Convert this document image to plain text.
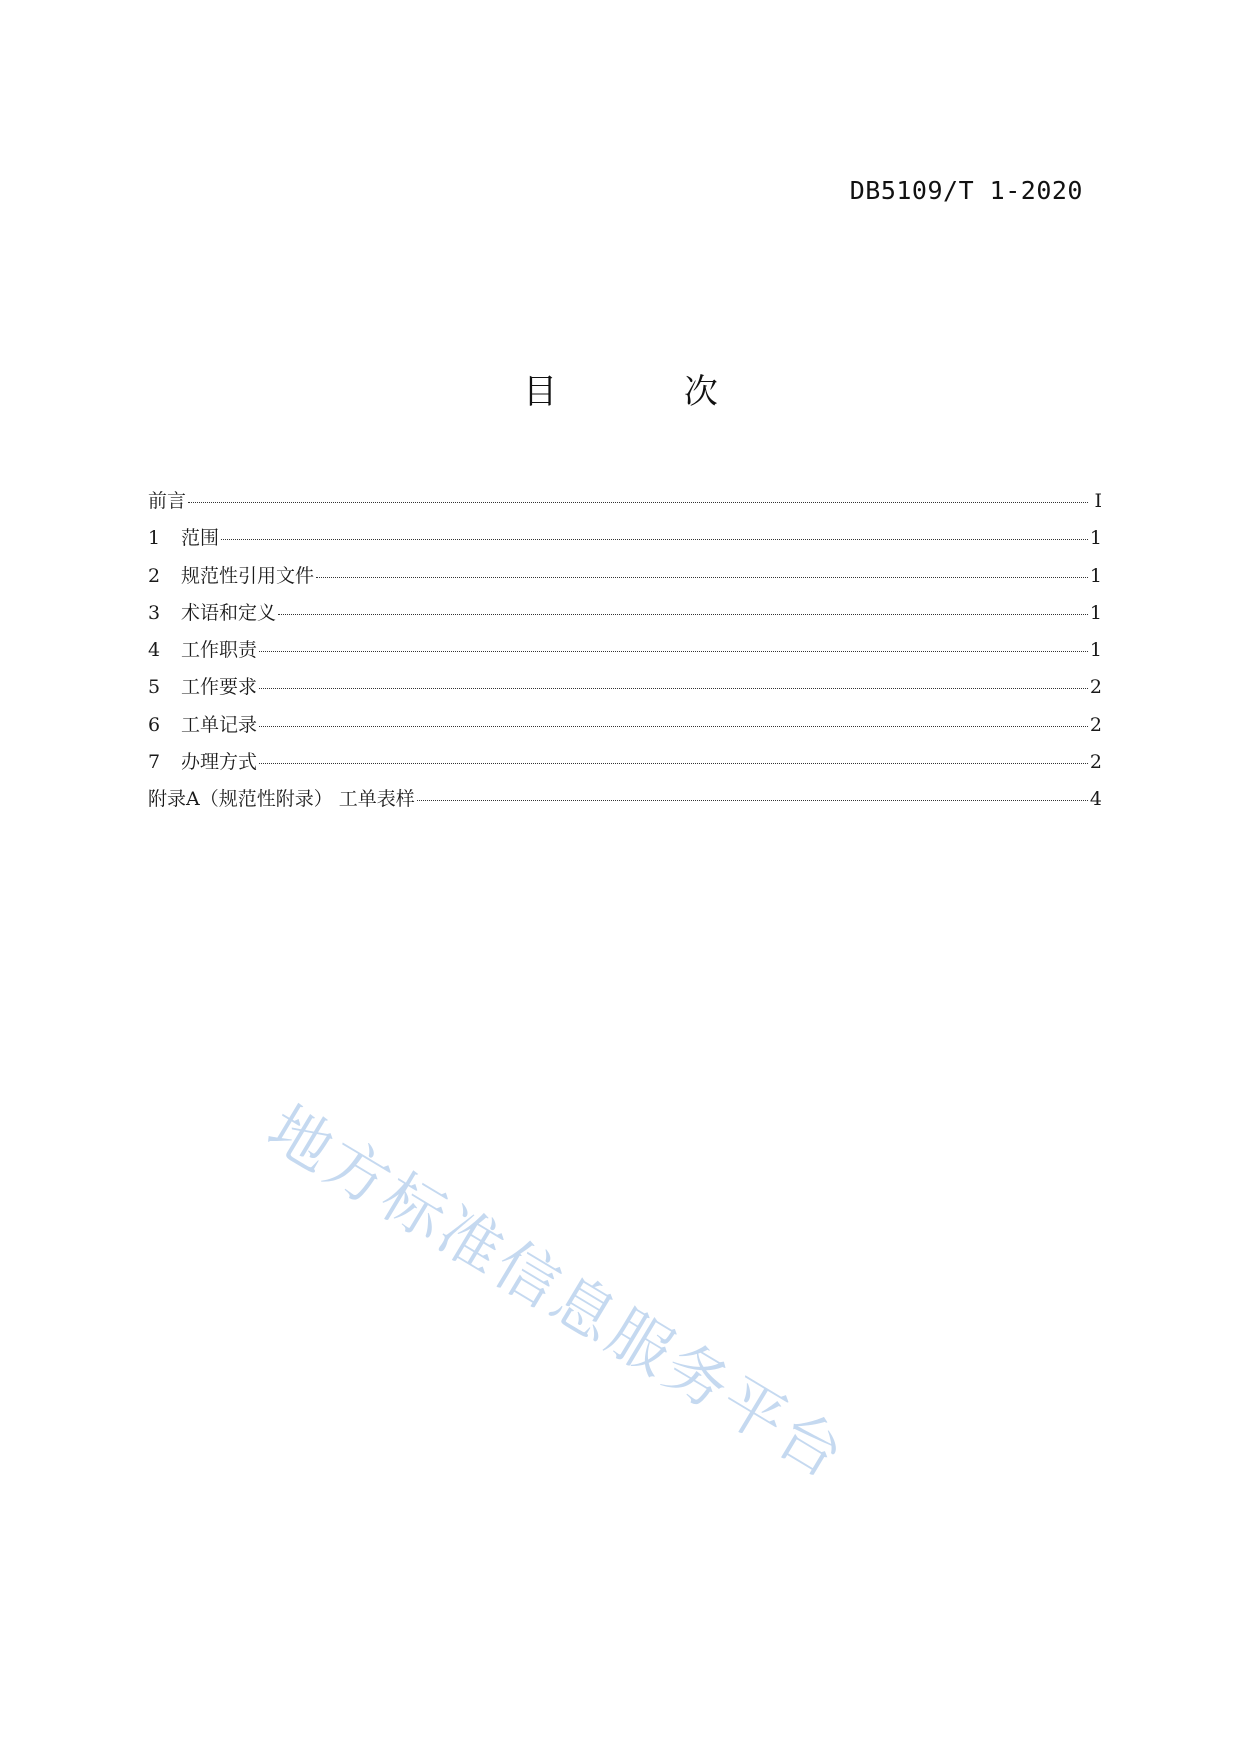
DB5109/T 1-2020
目 次
前言	I
1	范围	1
2	规范性引用文件	1
3	术语和定义	1
4	工作职责	1
5	工作要求	2
6	工单记录	2
7	办理方式	2
附录A（规范性附录） 工单表样	4
地方标准信息服务平台
